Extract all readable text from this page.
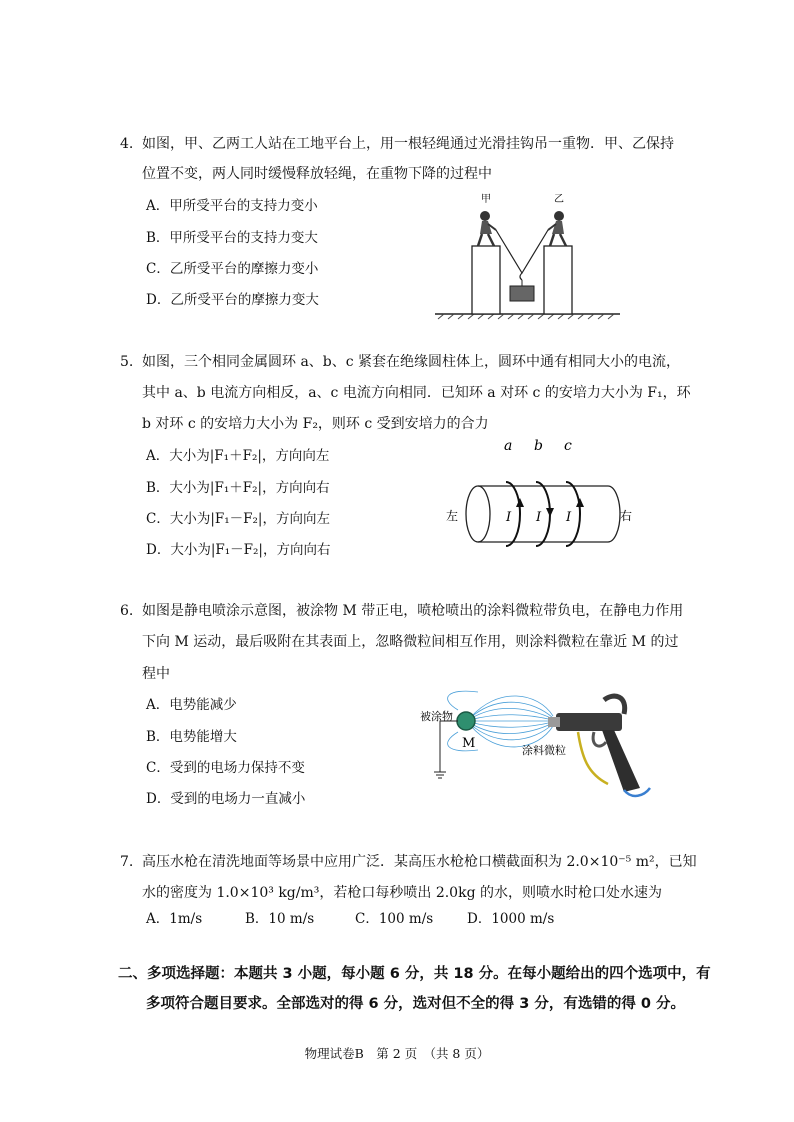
4. 如图，甲、乙两工人站在工地平台上，用一根轻绳通过光滑挂钩吊一重物．甲、乙保持
位置不变，两人同时缓慢释放轻绳，在重物下降的过程中
A．甲所受平台的支持力变小
B．甲所受平台的支持力变大
C．乙所受平台的摩擦力变小
D．乙所受平台的摩擦力变大
甲	乙
5. 如图，三个相同金属圆环 a、b、c 紧套在绝缘圆柱体上，圆环中通有相同大小的电流，
其中 a、b 电流方向相反，a、c 电流方向相同．已知环 a 对环 c 的安培力大小为 F₁，环
b 对环 c 的安培力大小为 F₂，则环 c 受到安培力的合力
A．大小为|F₁＋F₂|，方向向左
B．大小为|F₁＋F₂|，方向向右
C．大小为|F₁－F₂|，方向向左
D．大小为|F₁－F₂|，方向向右
I I I
a b c
左	右
6. 如图是静电喷涂示意图，被涂物 M 带正电，喷枪喷出的涂料微粒带负电，在静电力作用
下向 M 运动，最后吸附在其表面上，忽略微粒间相互作用，则涂料微粒在靠近 M 的过
程中
A．电势能减少
B．电势能增大
C．受到的电场力保持不变
D．受到的电场力一直减小
被涂物
M	涂料微粒
7. 高压水枪在清洗地面等场景中应用广泛．某高压水枪枪口横截面积为 2.0×10⁻⁵ m²，已知
水的密度为 1.0×10³ kg/m³，若枪口每秒喷出 2.0kg 的水，则喷水时枪口处水速为
A．1m/s	B．10 m/s	C．100 m/s	D．1000 m/s
二、多项选择题：本题共 3 小题，每小题 6 分，共 18 分。在每小题给出的四个选项中，有
多项符合题目要求。全部选对的得 6 分，选对但不全的得 3 分，有选错的得 0 分。
物理试卷B　第 2 页　（共 8 页）
